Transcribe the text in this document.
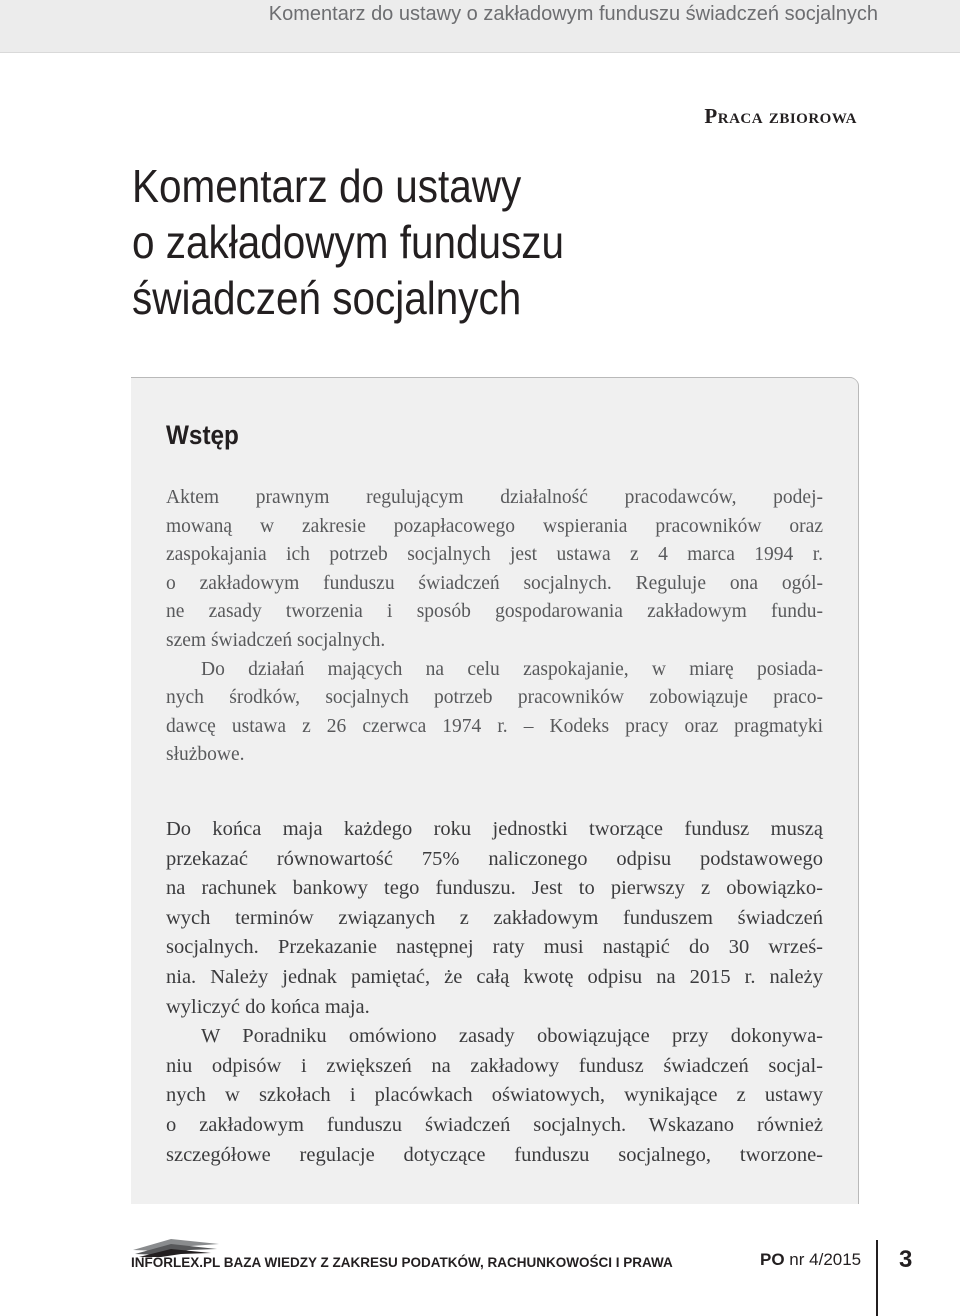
Komentarz do ustawy o zakładowym funduszu świadczeń socjalnych
Praca zbiorowa
Komentarz do ustawy
o zakładowym funduszu
świadczeń socjalnych
Wstęp
Aktem prawnym regulującym działalność pracodawców, podej-
mowaną w zakresie pozapłacowego wspierania pracowników oraz
zaspokajania ich potrzeb socjalnych jest ustawa z 4 marca 1994 r.
o zakładowym funduszu świadczeń socjalnych. Reguluje ona ogól-
ne zasady tworzenia i sposób gospodarowania zakładowym fundu-
szem świadczeń socjalnych.
Do działań mających na celu zaspokajanie, w miarę posiada-
nych środków, socjalnych potrzeb pracowników zobowiązuje praco-
dawcę ustawa z 26 czerwca 1974 r. – Kodeks pracy oraz pragmatyki
służbowe.
Do końca maja każdego roku jednostki tworzące fundusz muszą
przekazać równowartość 75% naliczonego odpisu podstawowego
na rachunek bankowy tego funduszu. Jest to pierwszy z obowiązko-
wych terminów związanych z zakładowym funduszem świadczeń
socjalnych. Przekazanie następnej raty musi nastąpić do 30 wrześ-
nia. Należy jednak pamiętać, że całą kwotę odpisu na 2015 r. należy
wyliczyć do końca maja.
W Poradniku omówiono zasady obowiązujące przy dokonywa-
niu odpisów i zwiększeń na zakładowy fundusz świadczeń socjal-
nych w szkołach i placówkach oświatowych, wynikające z ustawy
o zakładowym funduszu świadczeń socjalnych. Wskazano również
szczegółowe regulacje dotyczące funduszu socjalnego, tworzone-
INFORLEX.PL BAZA WIEDZY Z ZAKRESU PODATKÓW, RACHUNKOWOŚCI I PRAWA	PO nr 4/2015 3
